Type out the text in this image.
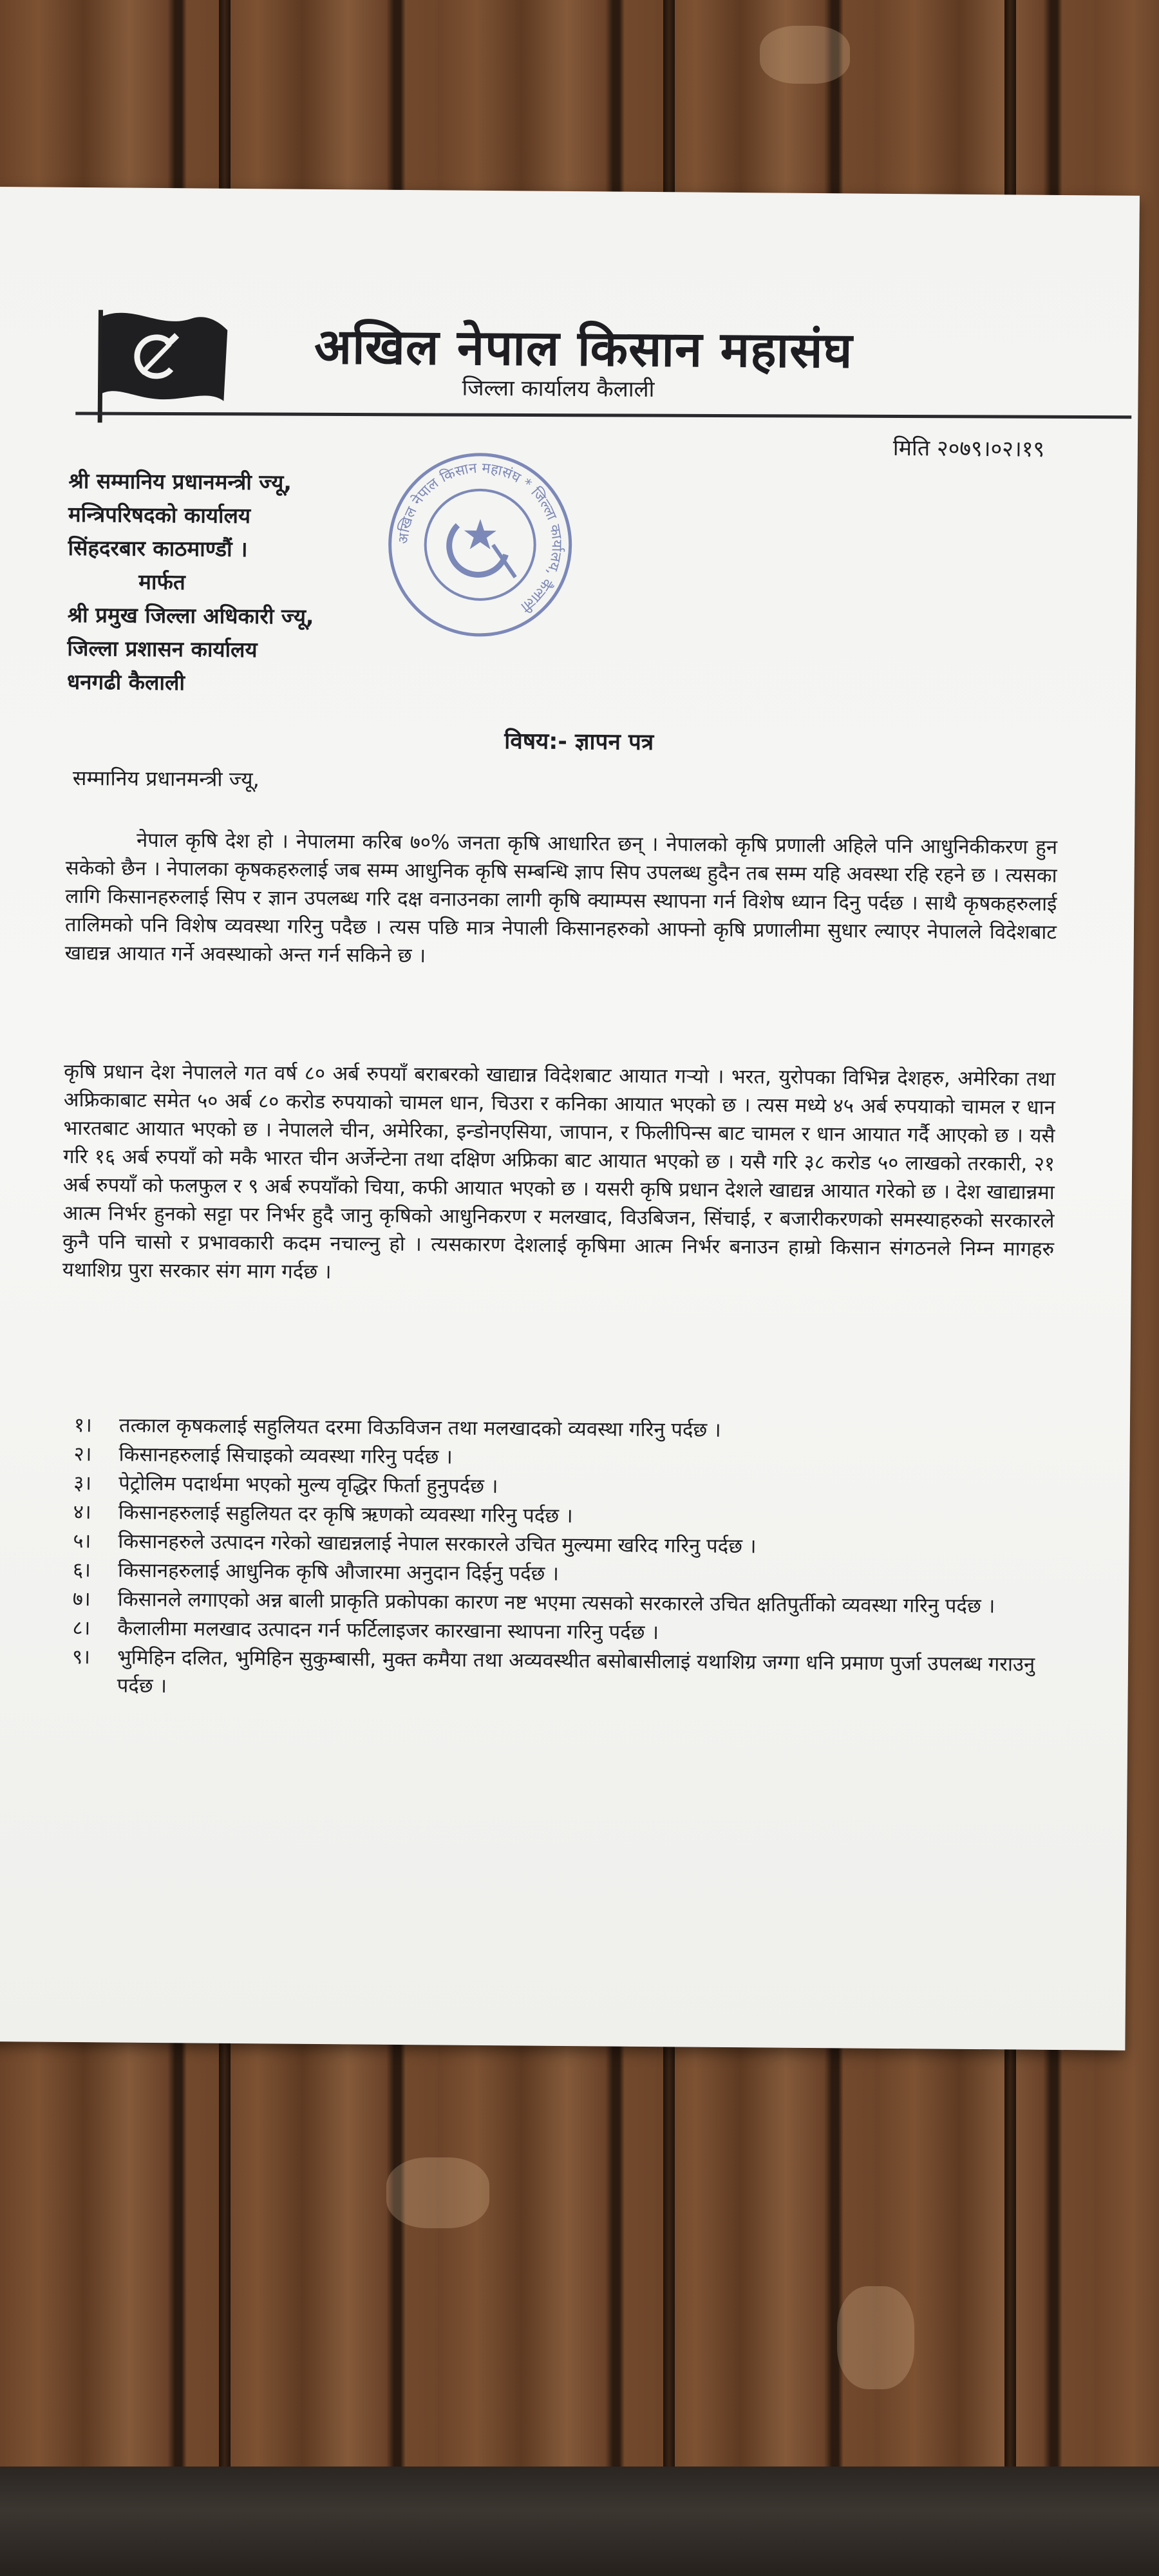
अखिल नेपाल किसान महासंघ
जिल्ला कार्यालय कैलाली
मिति २०७९।०२।१९
श्री सम्मानिय प्रधानमन्त्री ज्यू,
मन्त्रिपरिषदको कार्यालय
सिंहदरबार काठमाण्डौं ।
मार्फत
श्री प्रमुख जिल्ला अधिकारी ज्यू,
जिल्ला प्रशासन कार्यालय
धनगढी कैलाली
अखिल नेपाल किसान महासंघ * जिल्ला कार्यालय, कैलाली
विषय:- ज्ञापन पत्र
सम्मानिय प्रधानमन्त्री ज्यू,

नेपाल कृषि देश हो । नेपालमा करिब ७०% जनता कृषि आधारित छन् । नेपालको कृषि प्रणाली अहिले पनि आधुनिकीकरण हुन सकेको छैन । नेपालका कृषकहरुलाई जब सम्म आधुनिक कृषि सम्बन्धि ज्ञाप सिप उपलब्ध हुदैन तब सम्म यहि अवस्था रहि रहने छ । त्यसका लागि किसानहरुलाई सिप र ज्ञान उपलब्ध गरि दक्ष वनाउनका लागी कृषि क्याम्पस स्थापना गर्न विशेष ध्यान दिनु पर्दछ । साथै कृषकहरुलाई तालिमको पनि विशेष व्यवस्था गरिनु पदैछ । त्यस पछि मात्र नेपाली किसानहरुको आफ्नो कृषि प्रणालीमा सुधार ल्याएर नेपालले विदेशबाट खाद्यन्न आयात गर्ने अवस्थाको अन्त गर्न सकिने छ ।

कृषि प्रधान देश नेपालले गत वर्ष ८० अर्ब रुपयाँ बराबरको खाद्यान्न विदेशबाट आयात गर्‍यो । भरत, युरोपका विभिन्न देशहरु, अमेरिका तथा अफ्रिकाबाट समेत ५० अर्ब ८० करोड रुपयाको चामल धान, चिउरा र कनिका आयात भएको छ । त्यस मध्ये ४५ अर्ब रुपयाको चामल र धान भारतबाट आयात भएको छ । नेपालले चीन, अमेरिका, इन्डोनएसिया, जापान, र फिलीपिन्स बाट चामल र धान आयात गर्दै आएको छ । यसै गरि १६ अर्ब रुपयाँ को मकै भारत चीन अर्जेन्टेना तथा दक्षिण अफ्रिका बाट आयात भएको छ । यसै गरि ३८ करोड ५० लाखको तरकारी, २१ अर्ब रुपयाँ को फलफुल र ९ अर्ब रुपयाँको चिया, कफी आयात भएको छ । यसरी कृषि प्रधान देशले खाद्यन्न आयात गरेको छ । देश खाद्यान्नमा आत्म निर्भर हुनको सट्टा पर निर्भर हुदै जानु कृषिको आधुनिकरण र मलखाद, विउबिजन, सिंचाई, र बजारीकरणको समस्याहरुको सरकारले कुनै पनि चासो र प्रभावकारी कदम नचाल्नु हो । त्यसकारण देशलाई कृषिमा आत्म निर्भर बनाउन हाम्रो किसान संगठनले निम्न मागहरु यथाशिग्र पुरा सरकार संग माग गर्दछ ।

१।	तत्काल कृषकलाई सहुलियत दरमा विऊविजन तथा मलखादको व्यवस्था गरिनु पर्दछ ।
२।	किसानहरुलाई सिचाइको व्यवस्था गरिनु पर्दछ ।
३।	पेट्रोलिम पदार्थमा भएको मुल्य वृद्धिर फिर्ता हुनुपर्दछ ।
४।	किसानहरुलाई सहुलियत दर कृषि ऋणको व्यवस्था गरिनु पर्दछ ।
५।	किसानहरुले उत्पादन गरेको खाद्यन्नलाई नेपाल सरकारले उचित मुल्यमा खरिद गरिनु पर्दछ ।
६।	किसानहरुलाई आधुनिक कृषि औजारमा अनुदान दिईनु पर्दछ ।
७।	किसानले लगाएको अन्न बाली प्राकृति प्रकोपका कारण नष्ट भएमा त्यसको सरकारले उचित क्षतिपुर्तीको व्यवस्था गरिनु पर्दछ ।
८।	कैलालीमा मलखाद उत्पादन गर्न फर्टिलाइजर कारखाना स्थापना गरिनु पर्दछ ।
९।	भुमिहिन दलित, भुमिहिन सुकुम्बासी, मुक्त कमैया तथा अव्यवस्थीत बसोबासीलाइं यथाशिग्र जग्गा धनि प्रमाण पुर्जा उपलब्ध गराउनु पर्दछ ।
